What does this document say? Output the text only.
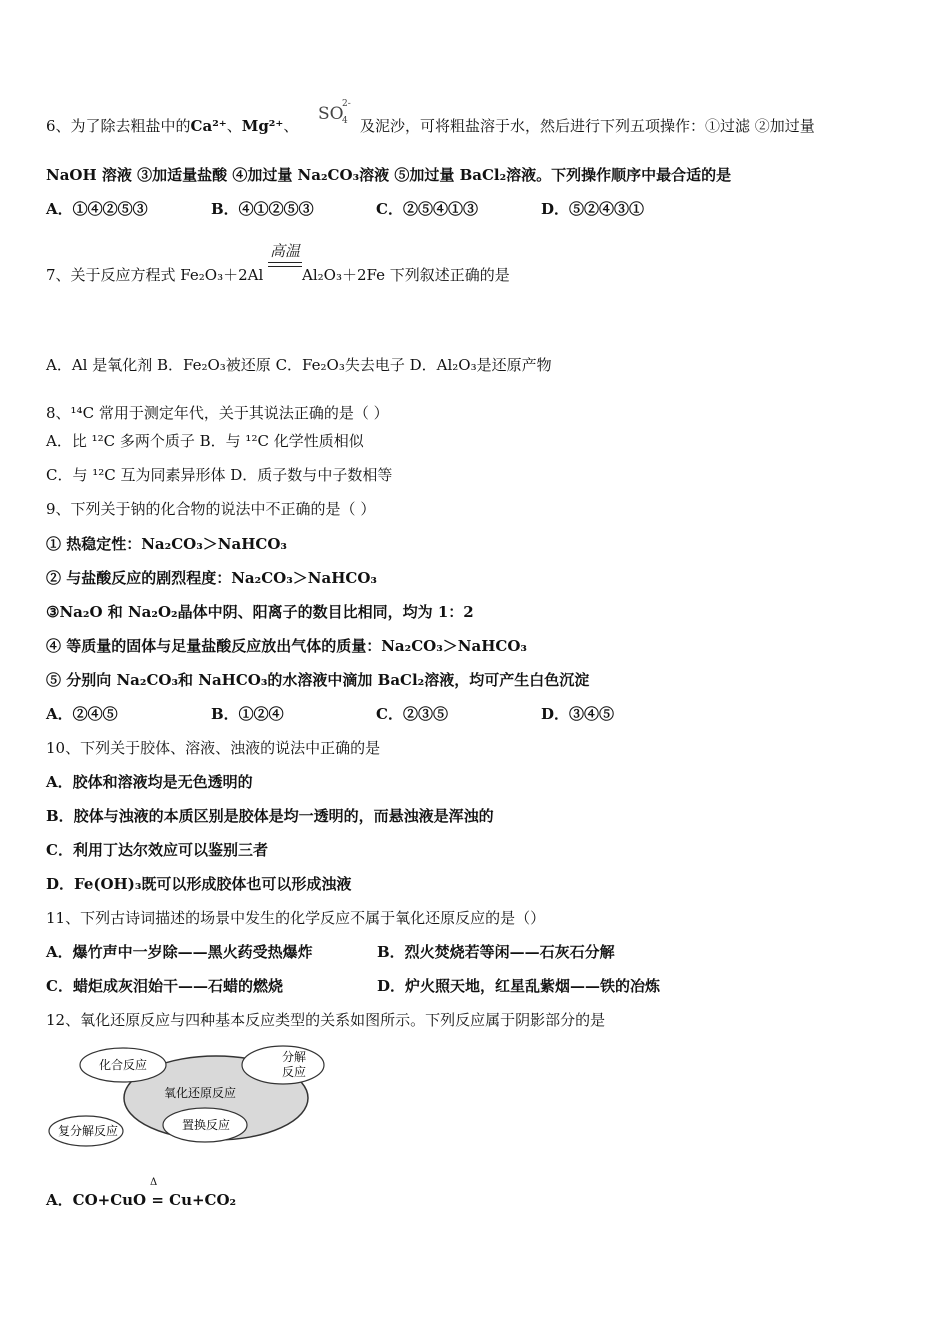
6、为了除去粗盐中的Ca²⁺、Mg²⁺、
SO
2-
4 及泥沙，可将粗盐溶于水，然后进行下列五项操作：①过滤 ②加过量
NaOH 溶液 ③加适量盐酸 ④加过量 Na₂CO₃溶液 ⑤加过量 BaCl₂溶液。下列操作顺序中最合适的是
A．①④②⑤③	B．④①②⑤③	C．②⑤④①③	D．⑤②④③①
高温
7、关于反应方程式 Fe₂O₃＋2Al	Al₂O₃＋2Fe 下列叙述正确的是
A．Al 是氧化剂 B．Fe₂O₃被还原 C．Fe₂O₃失去电子 D．Al₂O₃是还原产物
8、¹⁴C 常用于测定年代，关于其说法正确的是（ ）
A．比 ¹²C 多两个质子 B．与 ¹²C 化学性质相似
C．与 ¹²C 互为同素异形体 D．质子数与中子数相等
9、下列关于钠的化合物的说法中不正确的是（ ）
① 热稳定性：Na₂CO₃＞NaHCO₃
② 与盐酸反应的剧烈程度：Na₂CO₃＞NaHCO₃
③Na₂O 和 Na₂O₂晶体中阴、阳离子的数目比相同，均为 1：2
④ 等质量的固体与足量盐酸反应放出气体的质量：Na₂CO₃＞NaHCO₃
⑤ 分别向 Na₂CO₃和 NaHCO₃的水溶液中滴加 BaCl₂溶液，均可产生白色沉淀
A．②④⑤	B．①②④	C．②③⑤	D．③④⑤
10、下列关于胶体、溶液、浊液的说法中正确的是
A．胶体和溶液均是无色透明的
B．胶体与浊液的本质区别是胶体是均一透明的，而悬浊液是浑浊的
C．利用丁达尔效应可以鉴别三者
D．Fe(OH)₃既可以形成胶体也可以形成浊液
11、下列古诗词描述的场景中发生的化学反应不属于氧化还原反应的是（）
A．爆竹声中一岁除——黑火药受热爆炸	B．烈火焚烧若等闲——石灰石分解
C．蜡炬成灰泪始干——石蜡的燃烧	D．炉火照天地，红星乱紫烟——铁的冶炼
12、氧化还原反应与四种基本反应类型的关系如图所示。下列反应属于阴影部分的是
化合反应
分解
反应
氧化还原反应
复分解反应	置换反应
Δ
A．CO+CuO = Cu+CO₂
